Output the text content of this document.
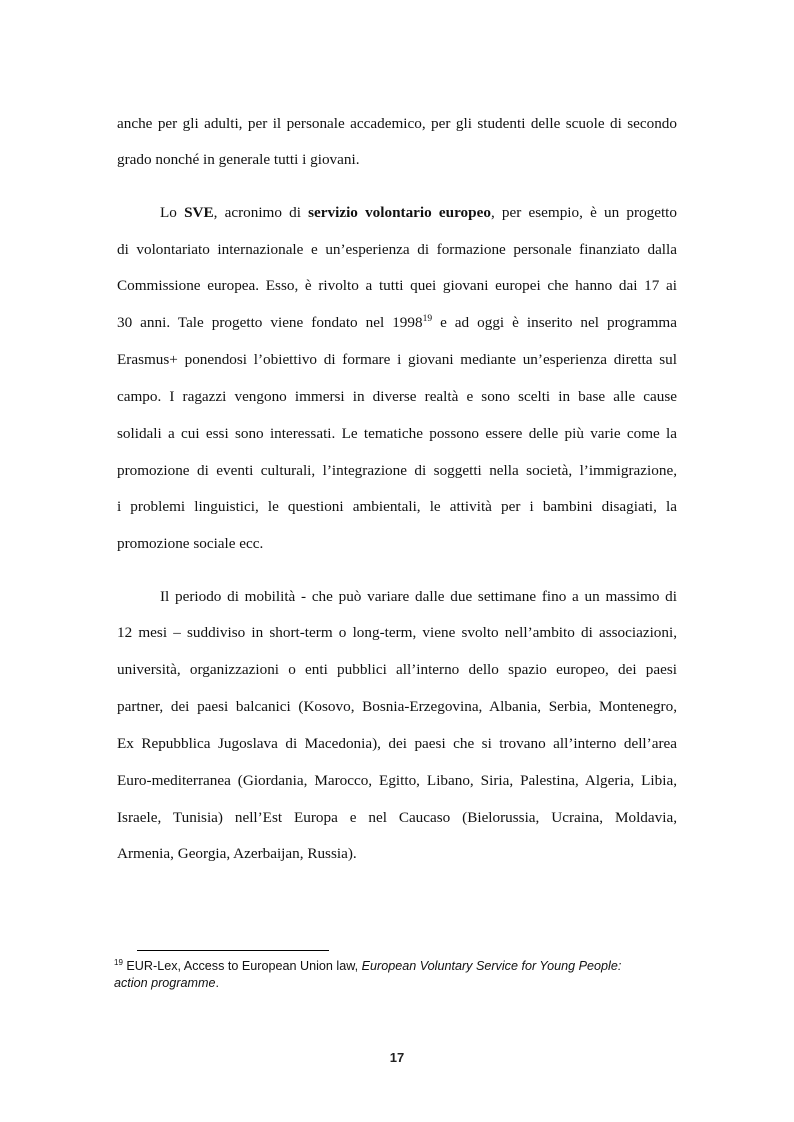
anche per gli adulti, per il personale accademico, per gli studenti delle scuole di secondo
grado nonché in generale tutti i giovani.
Lo SVE, acronimo di servizio volontario europeo, per esempio, è un progetto
di volontariato internazionale e un’esperienza di formazione personale finanziato dalla
Commissione europea. Esso, è rivolto a tutti quei giovani europei che hanno dai 17 ai
30 anni. Tale progetto viene fondato nel 1998$^{19}$ e ad oggi è inserito nel programma
Erasmus+ ponendosi l’obiettivo di formare i giovani mediante un’esperienza diretta sul
campo. I ragazzi vengono immersi in diverse realtà e sono scelti in base alle cause
solidali a cui essi sono interessati. Le tematiche possono essere delle più varie come la
promozione di eventi culturali, l’integrazione di soggetti nella società, l’immigrazione,
i problemi linguistici, le questioni ambientali, le attività per i bambini disagiati, la
promozione sociale ecc.
Il periodo di mobilità - che può variare dalle due settimane fino a un massimo di
12 mesi – suddiviso in short-term o long-term, viene svolto nell’ambito di associazioni,
università, organizzazioni o enti pubblici all’interno dello spazio europeo, dei paesi
partner, dei paesi balcanici (Kosovo, Bosnia-Erzegovina, Albania, Serbia, Montenegro,
Ex Repubblica Jugoslava di Macedonia), dei paesi che si trovano all’interno dell’area
Euro-mediterranea (Giordania, Marocco, Egitto, Libano, Siria, Palestina, Algeria, Libia,
Israele, Tunisia) nell’Est Europa e nel Caucaso (Bielorussia, Ucraina, Moldavia,
Armenia, Georgia, Azerbaijan, Russia).
$^{19}$ EUR-Lex, Access to European Union law, European Voluntary Service for Young People:
action programme.
17
